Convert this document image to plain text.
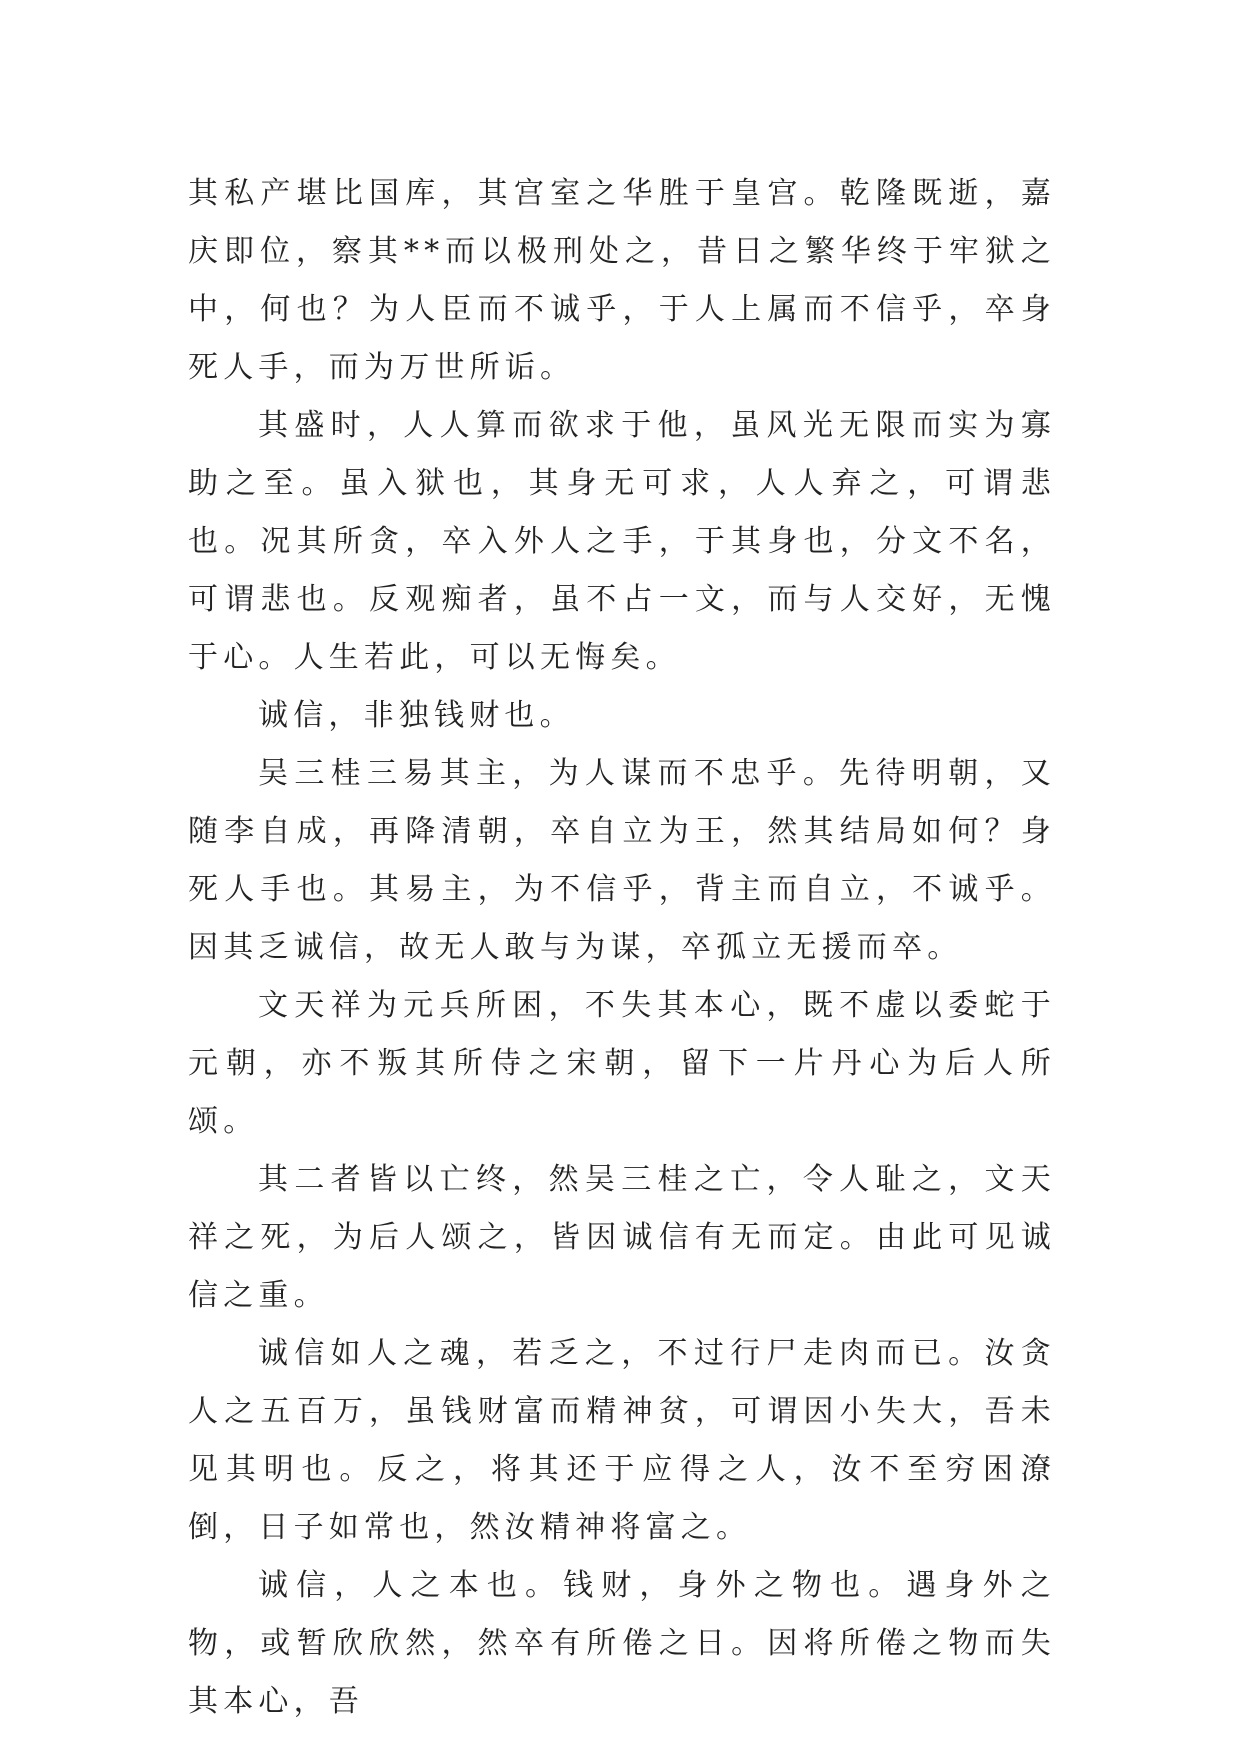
其私产堪比国库，其宫室之华胜于皇宫。乾隆既逝，嘉庆即位，察其**而以极刑处之，昔日之繁华终于牢狱之中，何也？为人臣而不诚乎，于人上属而不信乎，卒身死人手，而为万世所诟。

其盛时，人人算而欲求于他，虽风光无限而实为寡助之至。虽入狱也，其身无可求，人人弃之，可谓悲也。况其所贪，卒入外人之手，于其身也，分文不名，可谓悲也。反观痴者，虽不占一文，而与人交好，无愧于心。人生若此，可以无悔矣。

诚信，非独钱财也。

吴三桂三易其主，为人谋而不忠乎。先待明朝，又随李自成，再降清朝，卒自立为王，然其结局如何？身死人手也。其易主，为不信乎，背主而自立，不诚乎。因其乏诚信，故无人敢与为谋，卒孤立无援而卒。

文天祥为元兵所困，不失其本心，既不虚以委蛇于元朝，亦不叛其所侍之宋朝，留下一片丹心为后人所颂。

其二者皆以亡终，然吴三桂之亡，令人耻之，文天祥之死，为后人颂之，皆因诚信有无而定。由此可见诚信之重。

诚信如人之魂，若乏之，不过行尸走肉而已。汝贪人之五百万，虽钱财富而精神贫，可谓因小失大，吾未见其明也。反之，将其还于应得之人，汝不至穷困潦倒，日子如常也，然汝精神将富之。

诚信，人之本也。钱财，身外之物也。遇身外之物，或暂欣欣然，然卒有所倦之日。因将所倦之物而失其本心，吾
